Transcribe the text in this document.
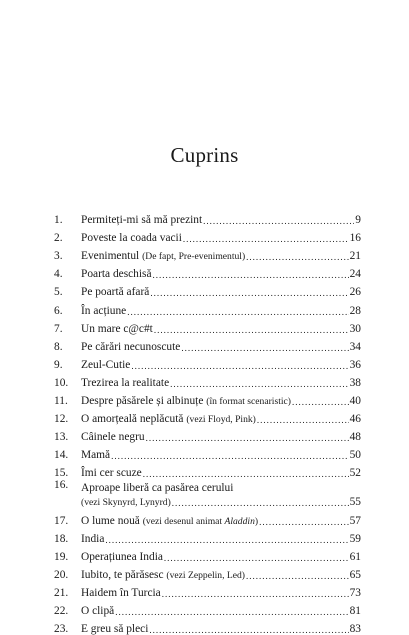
Cuprins
1.	Permiteți-mi să mă prezint .....	9
2.	Poveste la coada vacii .....	16
3.	Evenimentul (De fapt, Pre-evenimentul) .....	21
4.	Poarta deschisă .....	24
5.	Pe poartă afară .....	26
6.	În acțiune .....	28
7.	Un mare c@c#t .....	30
8.	Pe cărări necunoscute .....	34
9.	Zeul-Cutie .....	36
10.	Trezirea la realitate .....	38
11.	Despre păsărele și albinuțe (în format scenaristic) .....	40
12.	O amorțeală neplăcută (vezi Floyd, Pink) .....	46
13.	Câinele negru .....	48
14.	Mamă .....	50
15.	Îmi cer scuze .....	52
16.	Aproape liberă ca pasărea cerului
(vezi Skynyrd, Lynyrd) .....	55
17.	O lume nouă (vezi desenul animat Aladdin) .....	57
18.	India .....	59
19.	Operațiunea India .....	61
20.	Iubito, te părăsesc (vezi Zeppelin, Led) .....	65
21.	Haidem în Turcia .....	73
22.	O clipă .....	81
23.	E greu să pleci .....	83
